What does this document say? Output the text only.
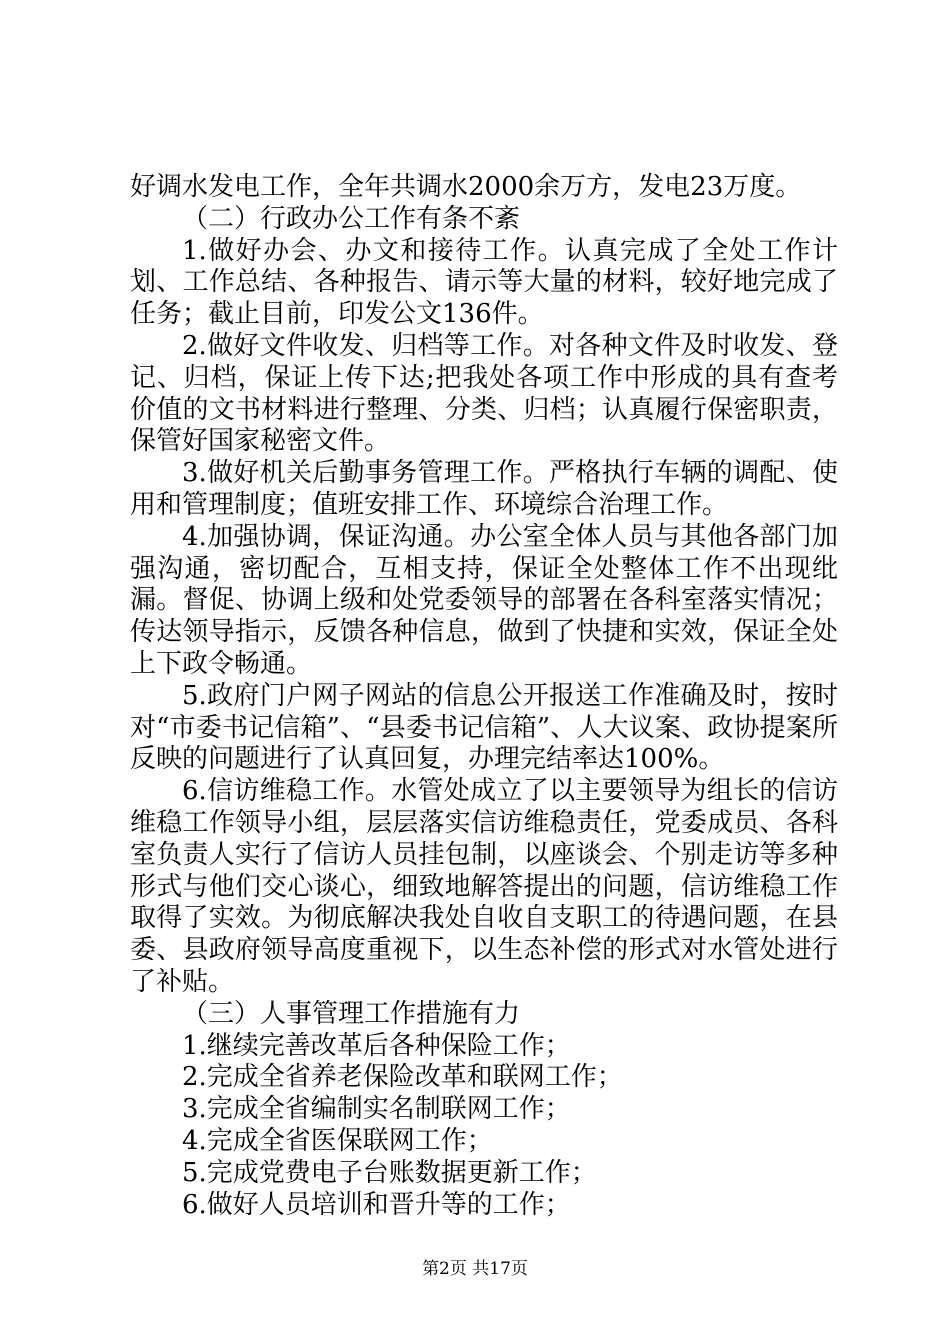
好调水发电工作，全年共调水2000余万方，发电23万度。

（二）行政办公工作有条不紊

1.做好办会、办文和接待工作。认真完成了全处工作计划、工作总结、各种报告、请示等大量的材料，较好地完成了任务；截止目前，印发公文136件。

2.做好文件收发、归档等工作。对各种文件及时收发、登记、归档，保证上传下达;把我处各项工作中形成的具有查考价值的文书材料进行整理、分类、归档；认真履行保密职责，保管好国家秘密文件。

3.做好机关后勤事务管理工作。严格执行车辆的调配、使用和管理制度；值班安排工作、环境综合治理工作。

4.加强协调，保证沟通。办公室全体人员与其他各部门加强沟通，密切配合，互相支持，保证全处整体工作不出现纰漏。督促、协调上级和处党委领导的部署在各科室落实情况；传达领导指示，反馈各种信息，做到了快捷和实效，保证全处上下政令畅通。

5.政府门户网子网站的信息公开报送工作准确及时，按时对“市委书记信箱”、“县委书记信箱”、人大议案、政协提案所反映的问题进行了认真回复，办理完结率达100%。

6.信访维稳工作。水管处成立了以主要领导为组长的信访维稳工作领导小组，层层落实信访维稳责任，党委成员、各科室负责人实行了信访人员挂包制，以座谈会、个别走访等多种形式与他们交心谈心，细致地解答提出的问题，信访维稳工作取得了实效。为彻底解决我处自收自支职工的待遇问题，在县委、县政府领导高度重视下，以生态补偿的形式对水管处进行了补贴。

（三）人事管理工作措施有力

1.继续完善改革后各种保险工作；

2.完成全省养老保险改革和联网工作；

3.完成全省编制实名制联网工作；

4.完成全省医保联网工作；

5.完成党费电子台账数据更新工作；

6.做好人员培训和晋升等的工作；

第2页 共17页
